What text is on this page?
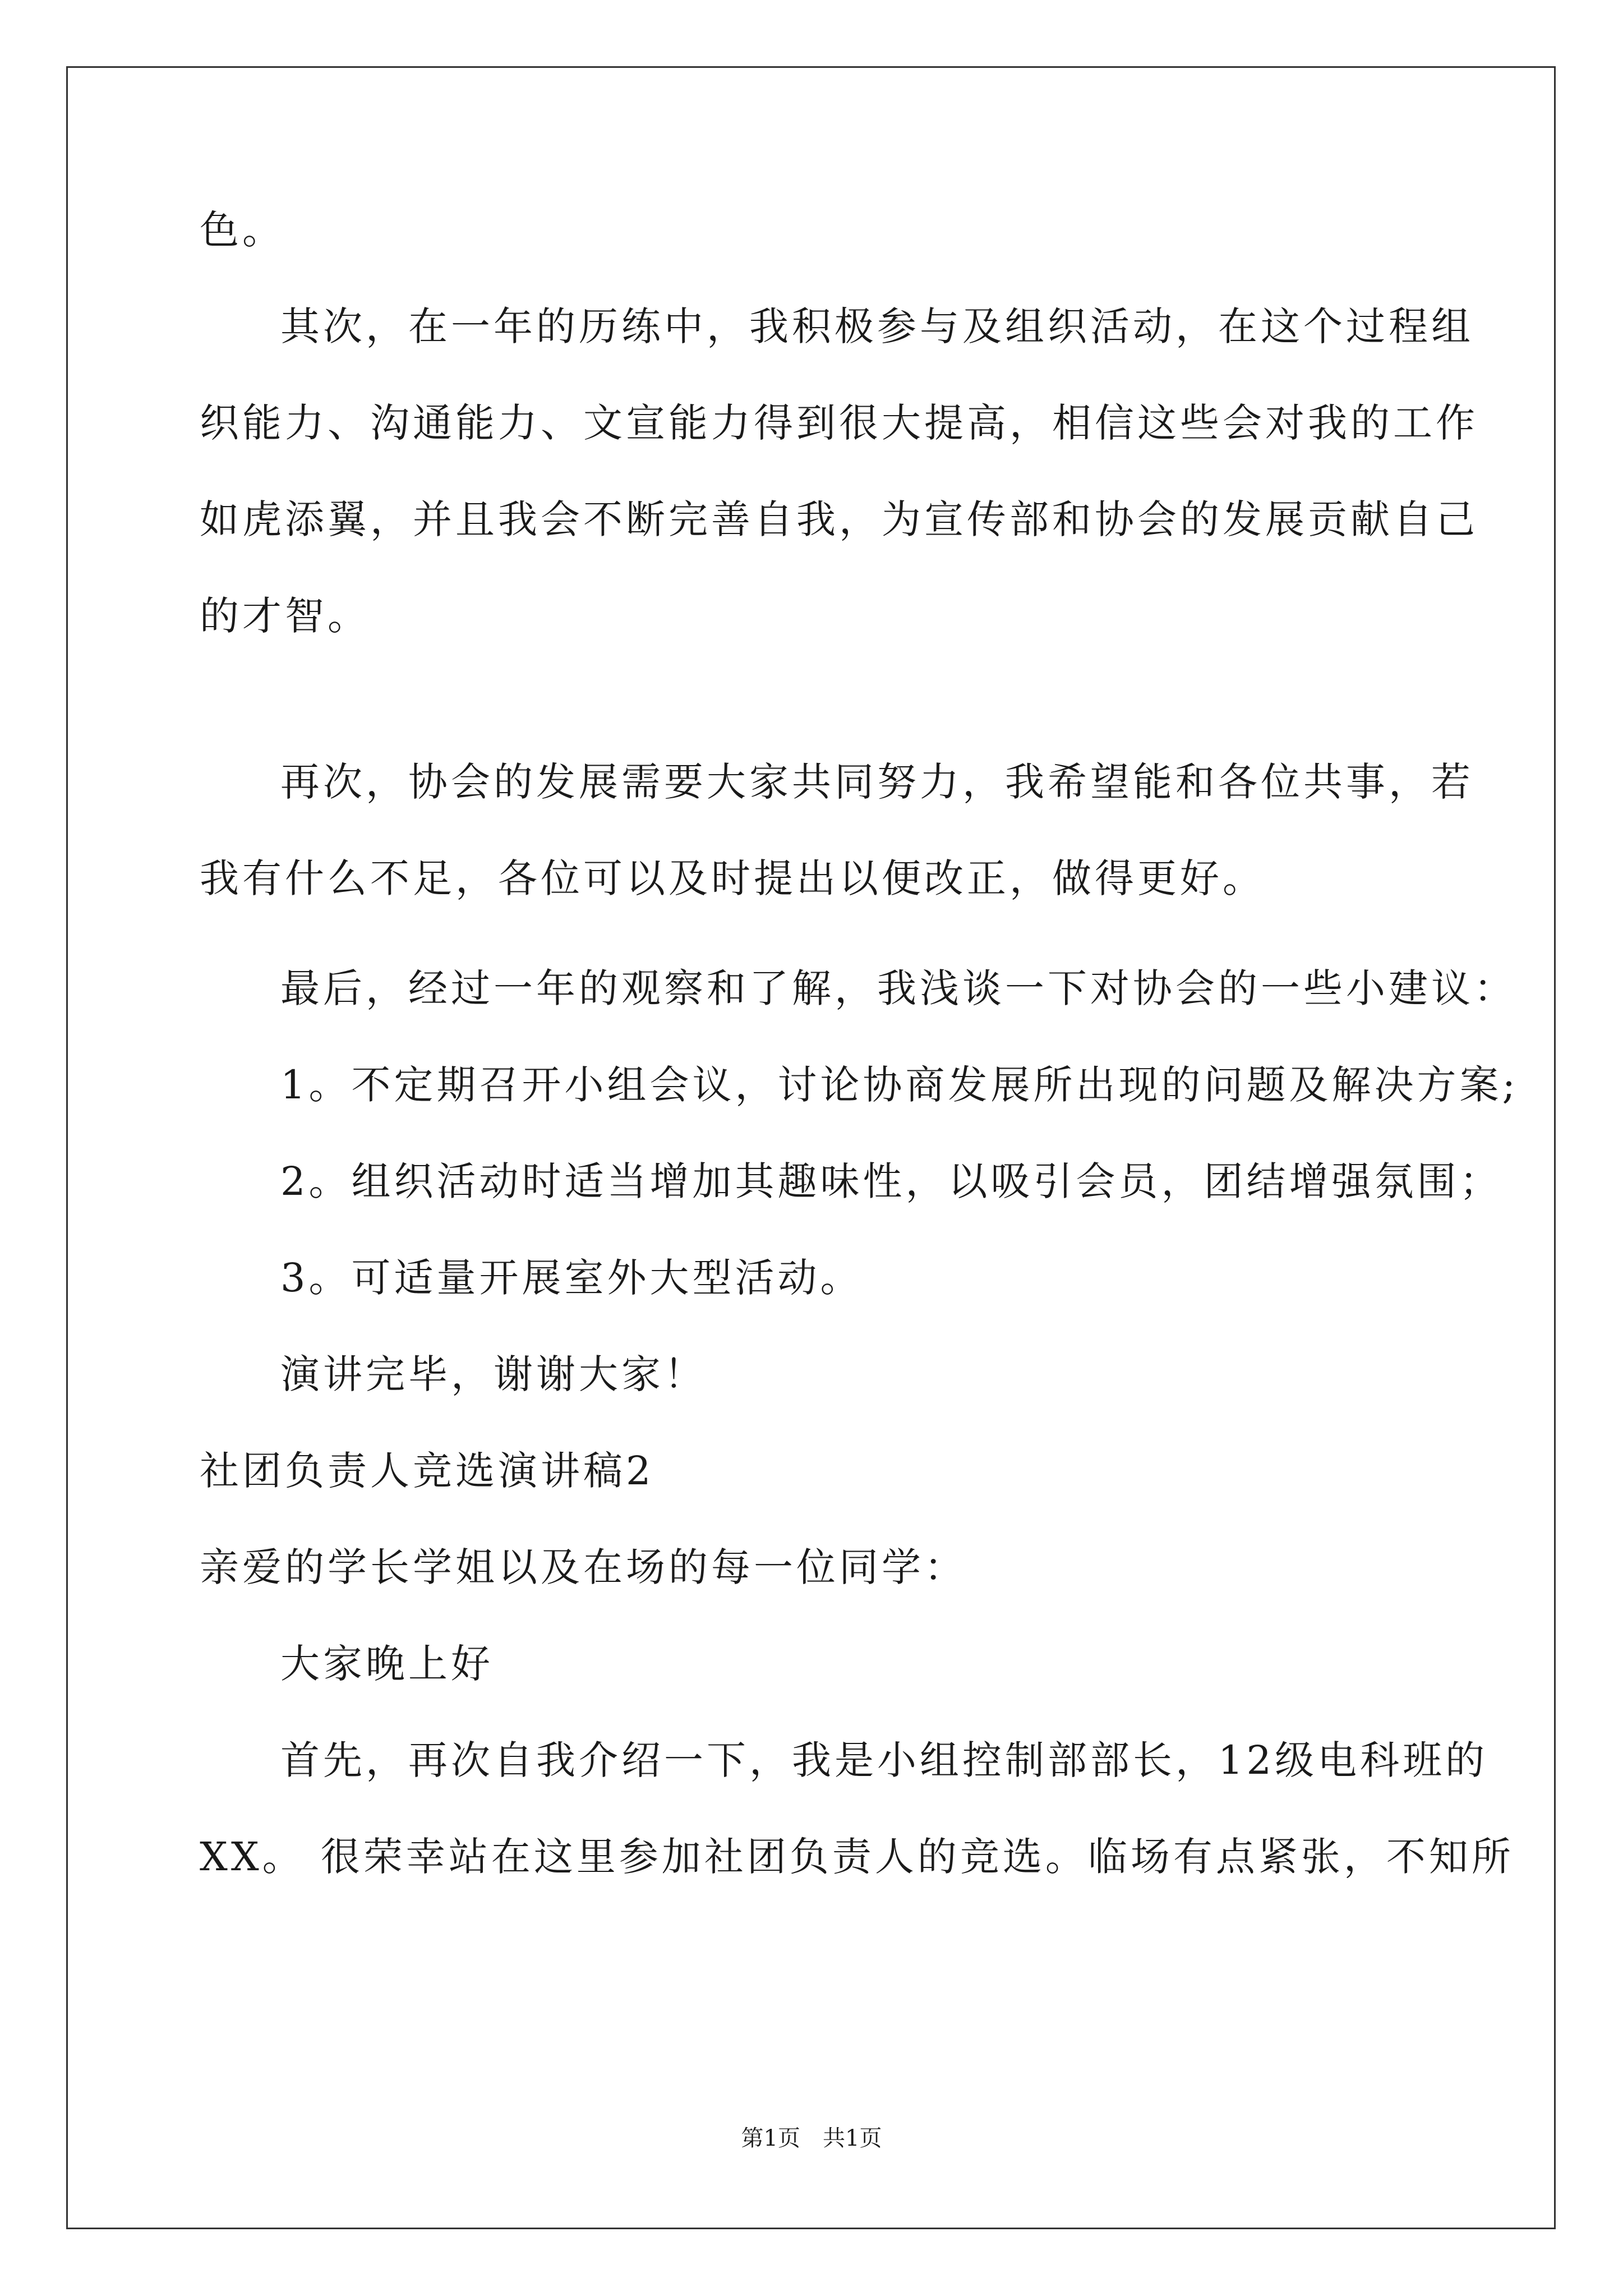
色。
其次，在一年的历练中，我积极参与及组织活动，在这个过程组
织能力、沟通能力、文宣能力得到很大提高，相信这些会对我的工作
如虎添翼，并且我会不断完善自我，为宣传部和协会的发展贡献自己
的才智。
再次，协会的发展需要大家共同努力，我希望能和各位共事，若
我有什么不足，各位可以及时提出以便改正，做得更好。
最后，经过一年的观察和了解，我浅谈一下对协会的一些小建议：
1。不定期召开小组会议，讨论协商发展所出现的问题及解决方案;
2。组织活动时适当增加其趣味性，以吸引会员，团结增强氛围；
3。可适量开展室外大型活动。
演讲完毕，谢谢大家！
社团负责人竞选演讲稿2
亲爱的学长学姐以及在场的每一位同学：
大家晚上好
首先，再次自我介绍一下，我是小组控制部部长，12级电科班的
XX。 很荣幸站在这里参加社团负责人的竞选。临场有点紧张，不知所
第1页　共1页
